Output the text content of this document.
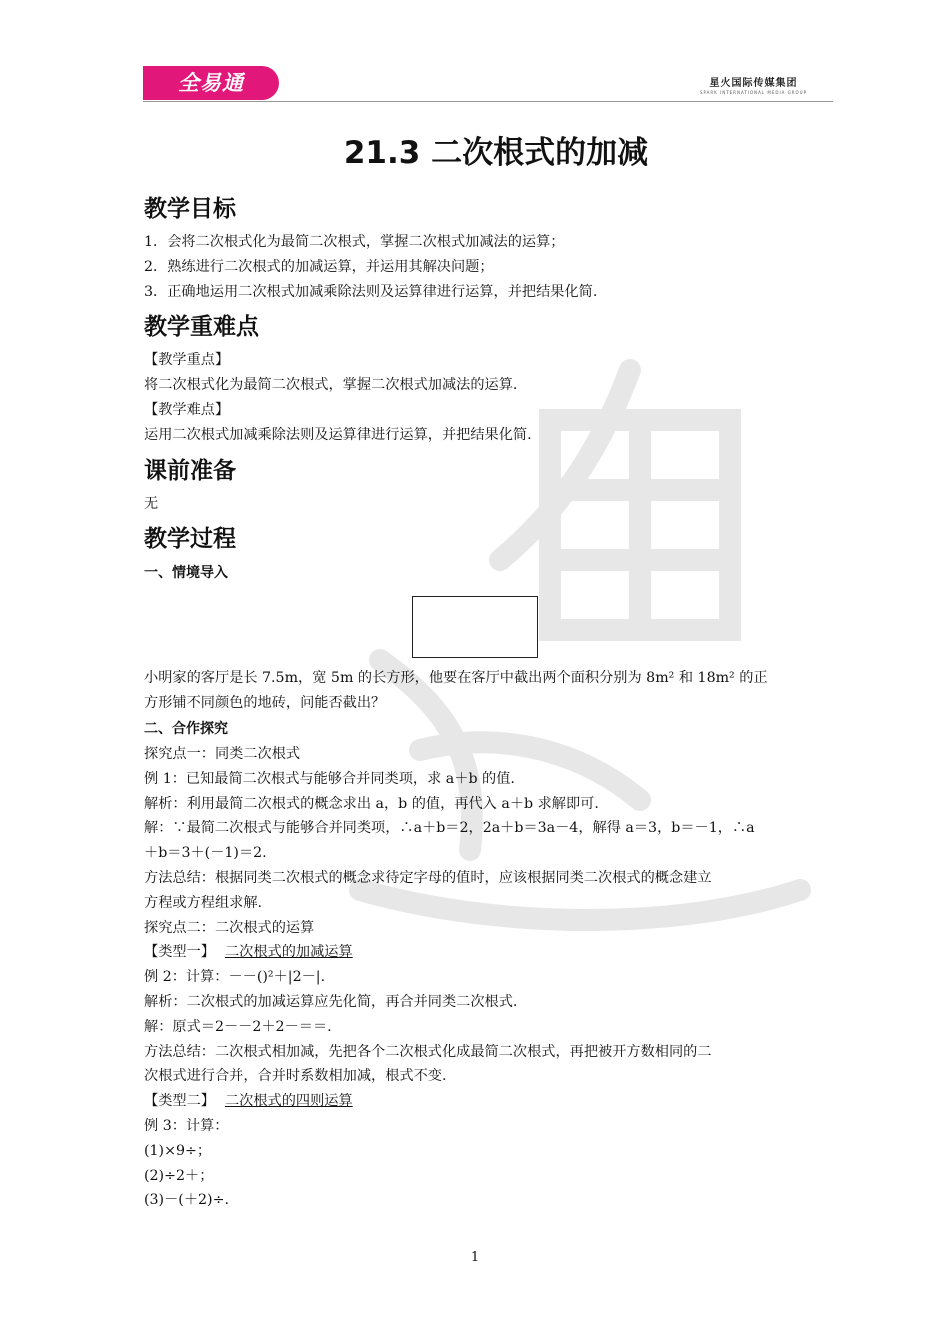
全易通	星火国际传媒集团
SPARK INTERNATIONAL MEDIA GROUP
21.3 二次根式的加减
教学目标
1．会将二次根式化为最简二次根式，掌握二次根式加减法的运算；
2．熟练进行二次根式的加减运算，并运用其解决问题；
3．正确地运用二次根式加减乘除法则及运算律进行运算，并把结果化简.
教学重难点
【教学重点】
将二次根式化为最简二次根式，掌握二次根式加减法的运算.
【教学难点】
运用二次根式加减乘除法则及运算律进行运算，并把结果化简.
课前准备
无
教学过程
一、情境导入
小明家的客厅是长 7.5m，宽 5m 的长方形，他要在客厅中截出两个面积分别为 8m² 和 18m² 的正
方形铺不同颜色的地砖，问能否截出？
二、合作探究
探究点一：同类二次根式
例 1：已知最简二次根式与能够合并同类项，求 a＋b 的值.
解析：利用最简二次根式的概念求出 a，b 的值，再代入 a＋b 求解即可.
解：∵最简二次根式与能够合并同类项，∴a＋b＝2，2a＋b＝3a－4，解得 a＝3，b＝－1，∴a
＋b＝3＋(－1)＝2.
方法总结：根据同类二次根式的概念求待定字母的值时，应该根据同类二次根式的概念建立
方程或方程组求解.
探究点二：二次根式的运算
【类型一】 二次根式的加减运算
例 2：计算：－－()²＋|2－|.
解析：二次根式的加减运算应先化简，再合并同类二次根式.
解：原式＝2－－2＋2－＝＝.
方法总结：二次根式相加减，先把各个二次根式化成最简二次根式，再把被开方数相同的二
次根式进行合并，合并时系数相加减，根式不变.
【类型二】 二次根式的四则运算
例 3：计算：
(1)×9÷；
(2)÷2＋；
(3)－(＋2)÷.
1
